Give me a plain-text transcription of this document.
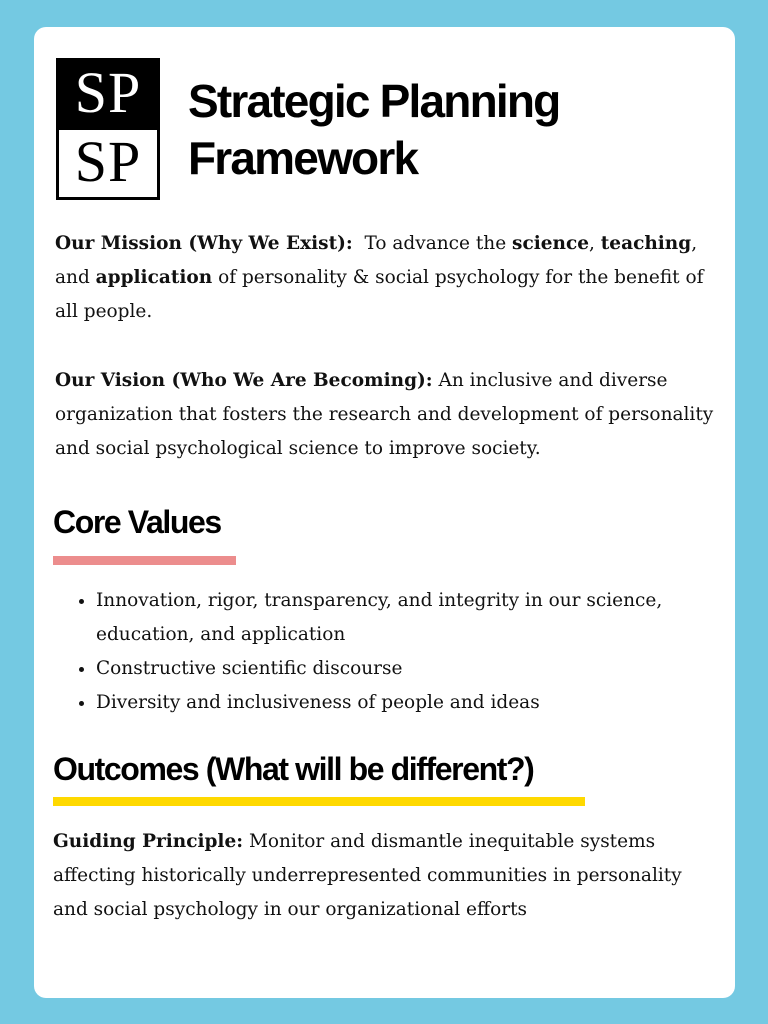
SP
SP
Strategic Planning Framework

Our Mission (Why We Exist):  To advance the science, teaching, and application of personality & social psychology for the benefit of all people.

Our Vision (Who We Are Becoming): An inclusive and diverse organization that fosters the research and development of personality and social psychological science to improve society.

Core Values
• Innovation, rigor, transparency, and integrity in our science, education, and application
• Constructive scientific discourse
• Diversity and inclusiveness of people and ideas
Outcomes (What will be different?)

Guiding Principle: Monitor and dismantle inequitable systems affecting historically underrepresented communities in personality and social psychology in our organizational efforts
